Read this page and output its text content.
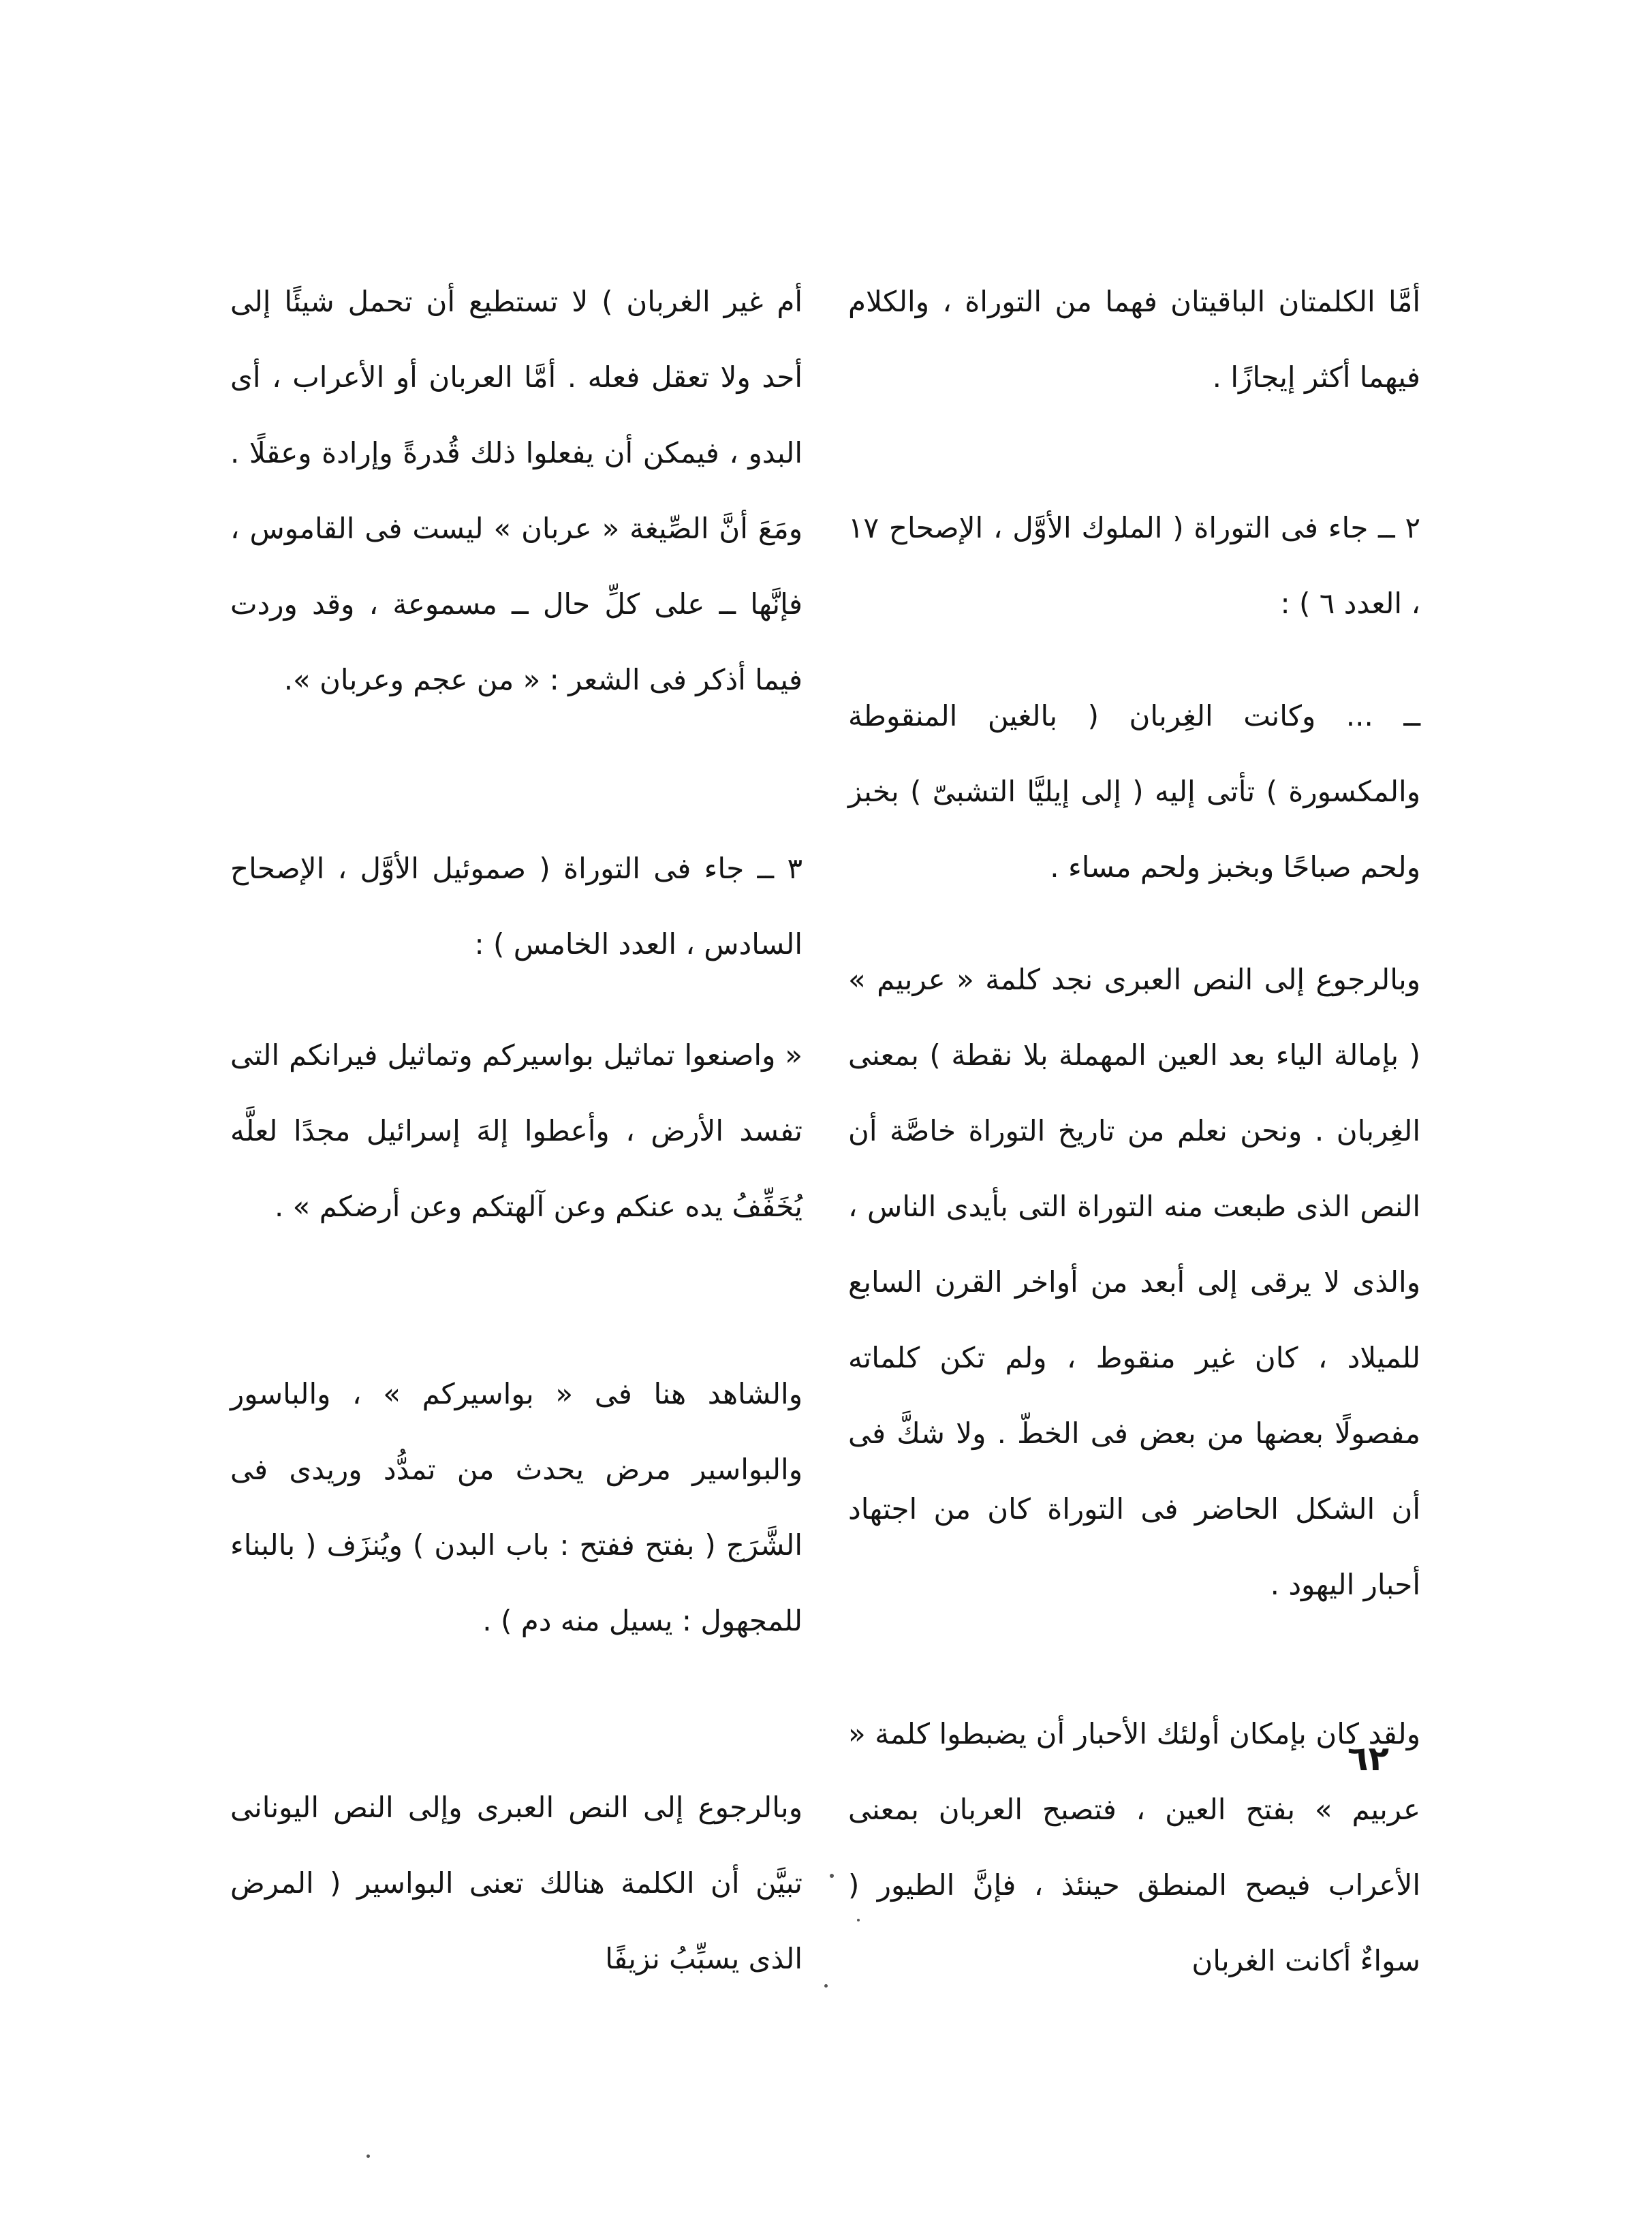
أمَّا الكلمتان الباقيتان فهما من التوراة ، والكلام فيهما أكثر إيجازًا .

٢ ــ جاء فى التوراة ( الملوك الأوَّل ، الإصحاح ١٧ ، العدد ٦ ) :

ــ ... وكانت الغِربان ( بالغين المنقوطة والمكسورة ) تأتى إليه ( إلى إيليَّا التشبىّ ) بخبز ولحم صباحًا وبخبز ولحم مساء .

وبالرجوع إلى النص العبرى نجد كلمة « عربيم » ( بإمالة الياء بعد العين المهملة بلا نقطة ) بمعنى الغِربان . ونحن نعلم من تاريخ التوراة خاصَّة أن النص الذى طبعت منه التوراة التى بأيدى الناس ، والذى لا يرقى إلى أبعد من أواخر القرن السابع للميلاد ، كان غير منقوط ، ولم تكن كلماته مفصولًا بعضها من بعض فى الخطّ . ولا شكَّ فى أن الشكل الحاضر فى التوراة كان من اجتهاد أحبار اليهود .

ولقد كان بإمكان أولئك الأحبار أن يضبطوا كلمة « عربيم » بفتح العين ، فتصبح العربان بمعنى الأعراب فيصح المنطق حينئذ ، فإنَّ الطيور ( سواءٌ أكانت الغربان

أم غير الغربان ) لا تستطيع أن تحمل شيئًا إلى أحد ولا تعقل فعله . أمَّا العربان أو الأعراب ، أى البدو ، فيمكن أن يفعلوا ذلك قُدرةً وإرادة وعقلًا . ومَعَ أنَّ الصِّيغة « عربان » ليست فى القاموس ، فإنَّها ــ على كلِّ حال ــ مسموعة ، وقد وردت فيما أذكر فى الشعر : « من عجم وعربان ».

٣ ــ جاء فى التوراة ( صموئيل الأوَّل ، الإصحاح السادس ، العدد الخامس ) :

« واصنعوا تماثيل بواسيركم وتماثيل فيرانكم التى تفسد الأرض ، وأعطوا إلهَ إسرائيل مجدًا لعلَّه يُخَفِّفُ يده عنكم وعن آلهتكم وعن أرضكم » .

والشاهد هنا فى « بواسيركم » ، والباسور والبواسير مرض يحدث من تمدُّد وريدى فى الشَّرَج ( بفتح ففتح : باب البدن ) ويُنزَف ( بالبناء للمجهول : يسيل منه دم ) .

وبالرجوع إلى النص العبرى وإلى النص اليونانى تبيَّن أن الكلمة هنالك تعنى البواسير ( المرض الذى يسبِّبُ نزيفًا

٦٢
